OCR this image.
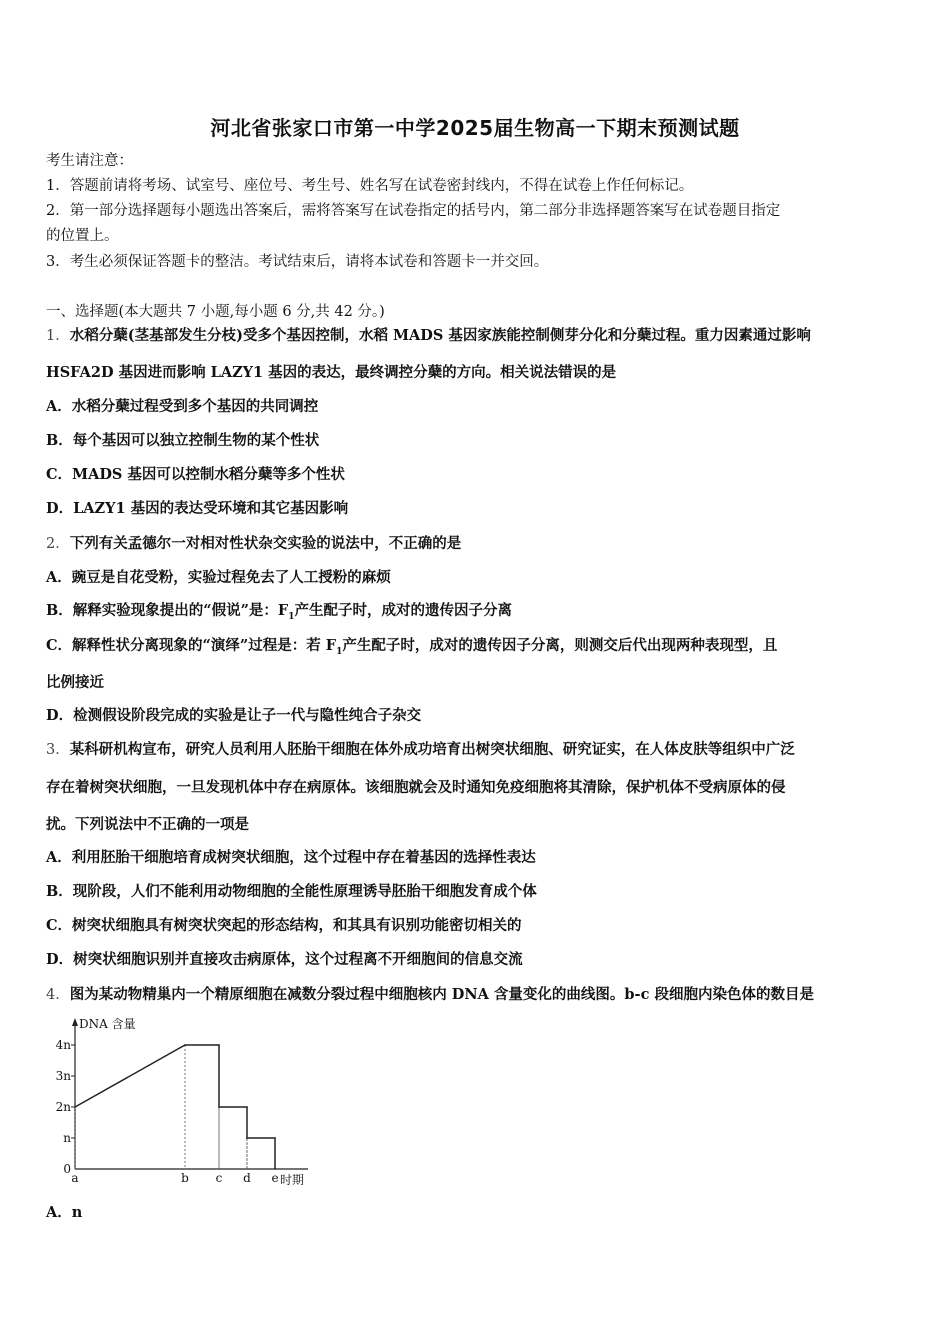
河北省张家口市第一中学2025届生物高一下期末预测试题
考生请注意：
1．答题前请将考场、试室号、座位号、考生号、姓名写在试卷密封线内，不得在试卷上作任何标记。
2．第一部分选择题每小题选出答案后，需将答案写在试卷指定的括号内，第二部分非选择题答案写在试卷题目指定
的位置上。
3．考生必须保证答题卡的整洁。考试结束后，请将本试卷和答题卡一并交回。
一、选择题(本大题共 7 小题,每小题 6 分,共 42 分。)
1．水稻分蘖(茎基部发生分枝)受多个基因控制，水稻 MADS 基因家族能控制侧芽分化和分蘖过程。重力因素通过影响
HSFA2D 基因进而影响 LAZY1 基因的表达，最终调控分蘖的方向。相关说法错误的是
A．水稻分蘖过程受到多个基因的共同调控
B．每个基因可以独立控制生物的某个性状
C．MADS 基因可以控制水稻分蘖等多个性状
D．LAZY1 基因的表达受环境和其它基因影响
2．下列有关孟德尔一对相对性状杂交实验的说法中，不正确的是
A．豌豆是自花受粉，实验过程免去了人工授粉的麻烦
B．解释实验现象提出的“假说”是：$F_1$产生配子时，成对的遗传因子分离
C．解释性状分离现象的“演绎”过程是：若 $F_1$产生配子时，成对的遗传因子分离，则测交后代出现两种表现型，且
比例接近
D．检测假设阶段完成的实验是让子一代与隐性纯合子杂交
3．某科研机构宣布，研究人员利用人胚胎干细胞在体外成功培育出树突状细胞、研究证实，在人体皮肤等组织中广泛
存在着树突状细胞，一旦发现机体中存在病原体。该细胞就会及时通知免疫细胞将其清除，保护机体不受病原体的侵
扰。下列说法中不正确的一项是
A．利用胚胎干细胞培育成树突状细胞，这个过程中存在着基因的选择性表达
B．现阶段，人们不能利用动物细胞的全能性原理诱导胚胎干细胞发育成个体
C．树突状细胞具有树突状突起的形态结构，和其具有识别功能密切相关的
D．树突状细胞识别并直接攻击病原体，这个过程离不开细胞间的信息交流
4．图为某动物精巢内一个精原细胞在减数分裂过程中细胞核内 DNA 含量变化的曲线图。b-c 段细胞内染色体的数目是
DNA 含量
时期
4n
3n
2n
n
0
a	b c d e
A．n
